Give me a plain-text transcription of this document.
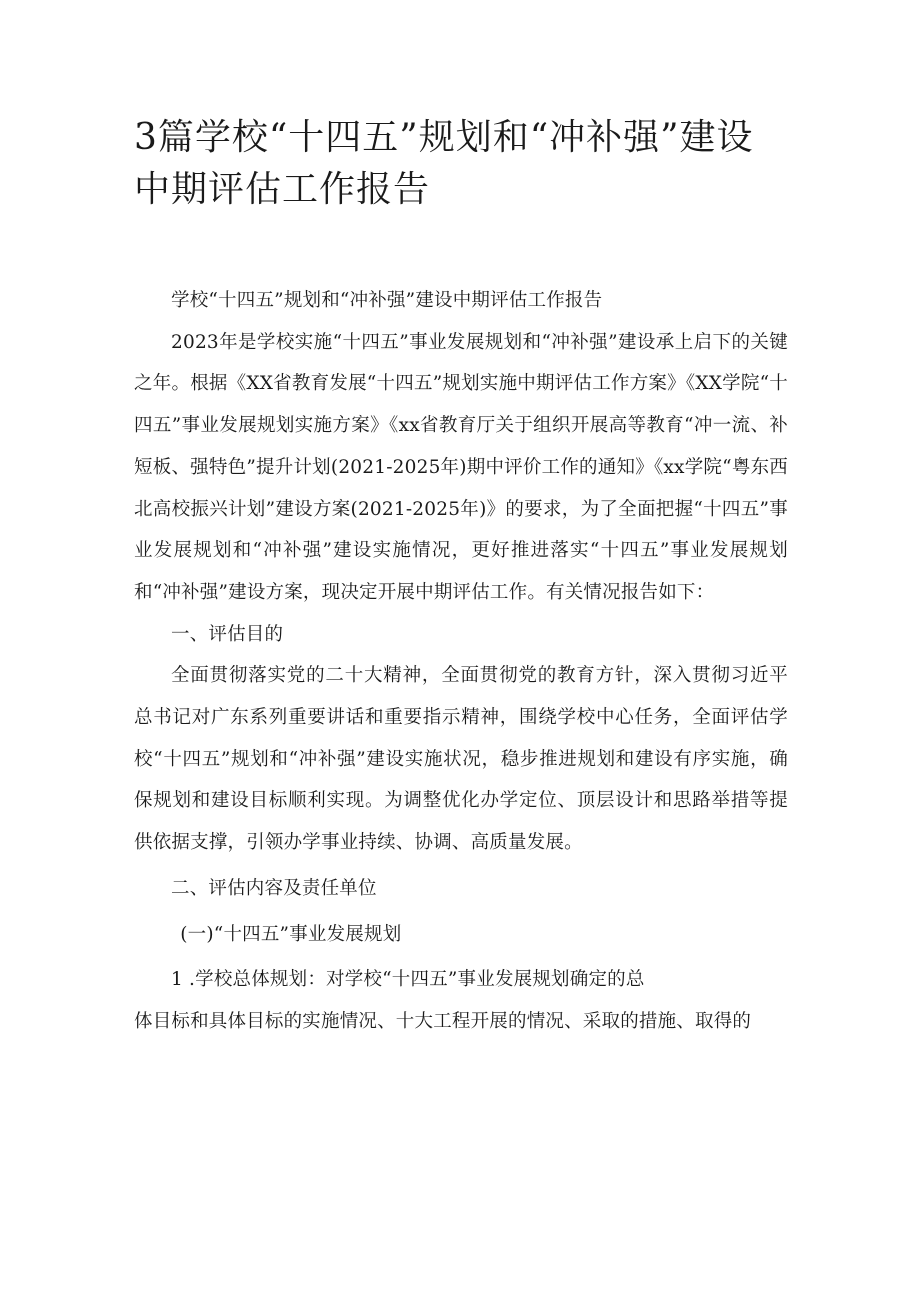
3篇学校“十四五”规划和“冲补强”建设中期评估工作报告

学校“十四五”规划和“冲补强”建设中期评估工作报告

2023年是学校实施“十四五”事业发展规划和“冲补强”建设承上启下的关键之年。根据《XX省教育发展“十四五”规划实施中期评估工作方案》《XX学院“十四五”事业发展规划实施方案》《xx省教育厅关于组织开展高等教育“冲一流、补短板、强特色”提升计划(2021-2025年)期中评价工作的通知》《xx学院“粤东西北高校振兴计划”建设方案(2021-2025年)》的要求，为了全面把握“十四五”事业发展规划和“冲补强”建设实施情况，更好推进落实“十四五”事业发展规划和“冲补强”建设方案，现决定开展中期评估工作。有关情况报告如下：

一、评估目的

全面贯彻落实党的二十大精神，全面贯彻党的教育方针，深入贯彻习近平总书记对广东系列重要讲话和重要指示精神，围绕学校中心任务，全面评估学校“十四五”规划和“冲补强”建设实施状况，稳步推进规划和建设有序实施，确保规划和建设目标顺利实现。为调整优化办学定位、顶层设计和思路举措等提供依据支撑，引领办学事业持续、协调、高质量发展。

二、评估内容及责任单位

(一)“十四五”事业发展规划

1 .学校总体规划：对学校“十四五”事业发展规划确定的总

体目标和具体目标的实施情况、十大工程开展的情况、采取的措施、取得的
